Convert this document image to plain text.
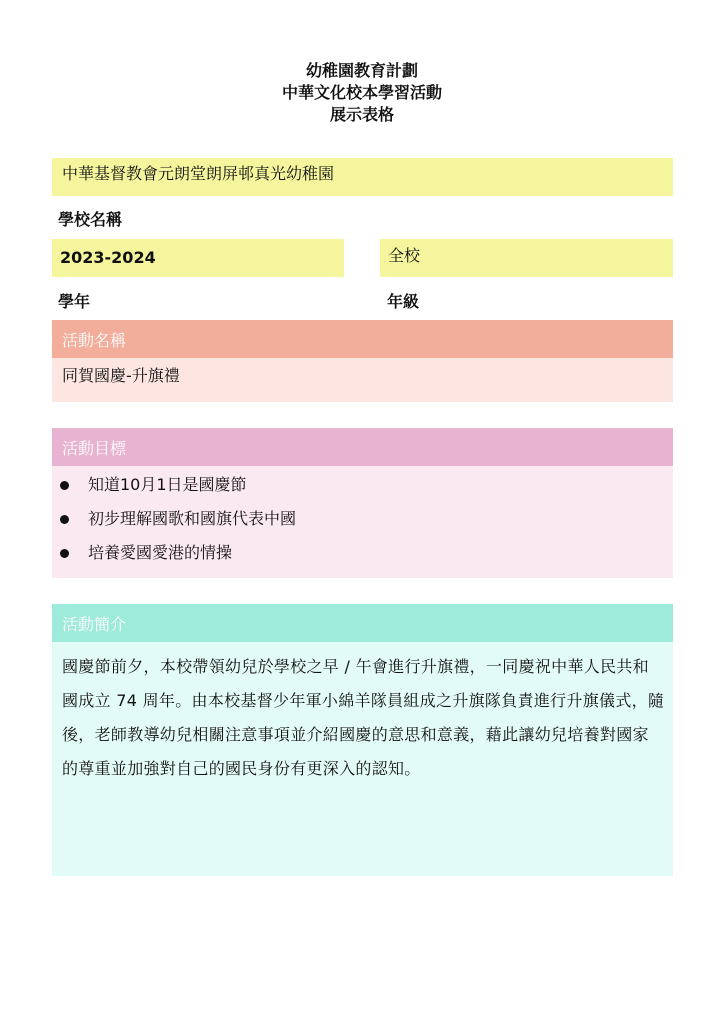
幼稚園教育計劃
中華文化校本學習活動
展示表格
中華基督教會元朗堂朗屏邨真光幼稚園
學校名稱
2023-2024
學年
全校
年級
活動名稱
同賀國慶-升旗禮
活動目標
知道10月1日是國慶節
初步理解國歌和國旗代表中國
培養愛國愛港的情操
活動簡介
國慶節前夕，本校帶領幼兒於學校之早 / 午會進行升旗禮，一同慶祝中華人民共和國成立 74 周年。由本校基督少年軍小綿羊隊員組成之升旗隊負責進行升旗儀式，隨後，老師教導幼兒相關注意事項並介紹國慶的意思和意義，藉此讓幼兒培養對國家的尊重並加強對自己的國民身份有更深入的認知。
